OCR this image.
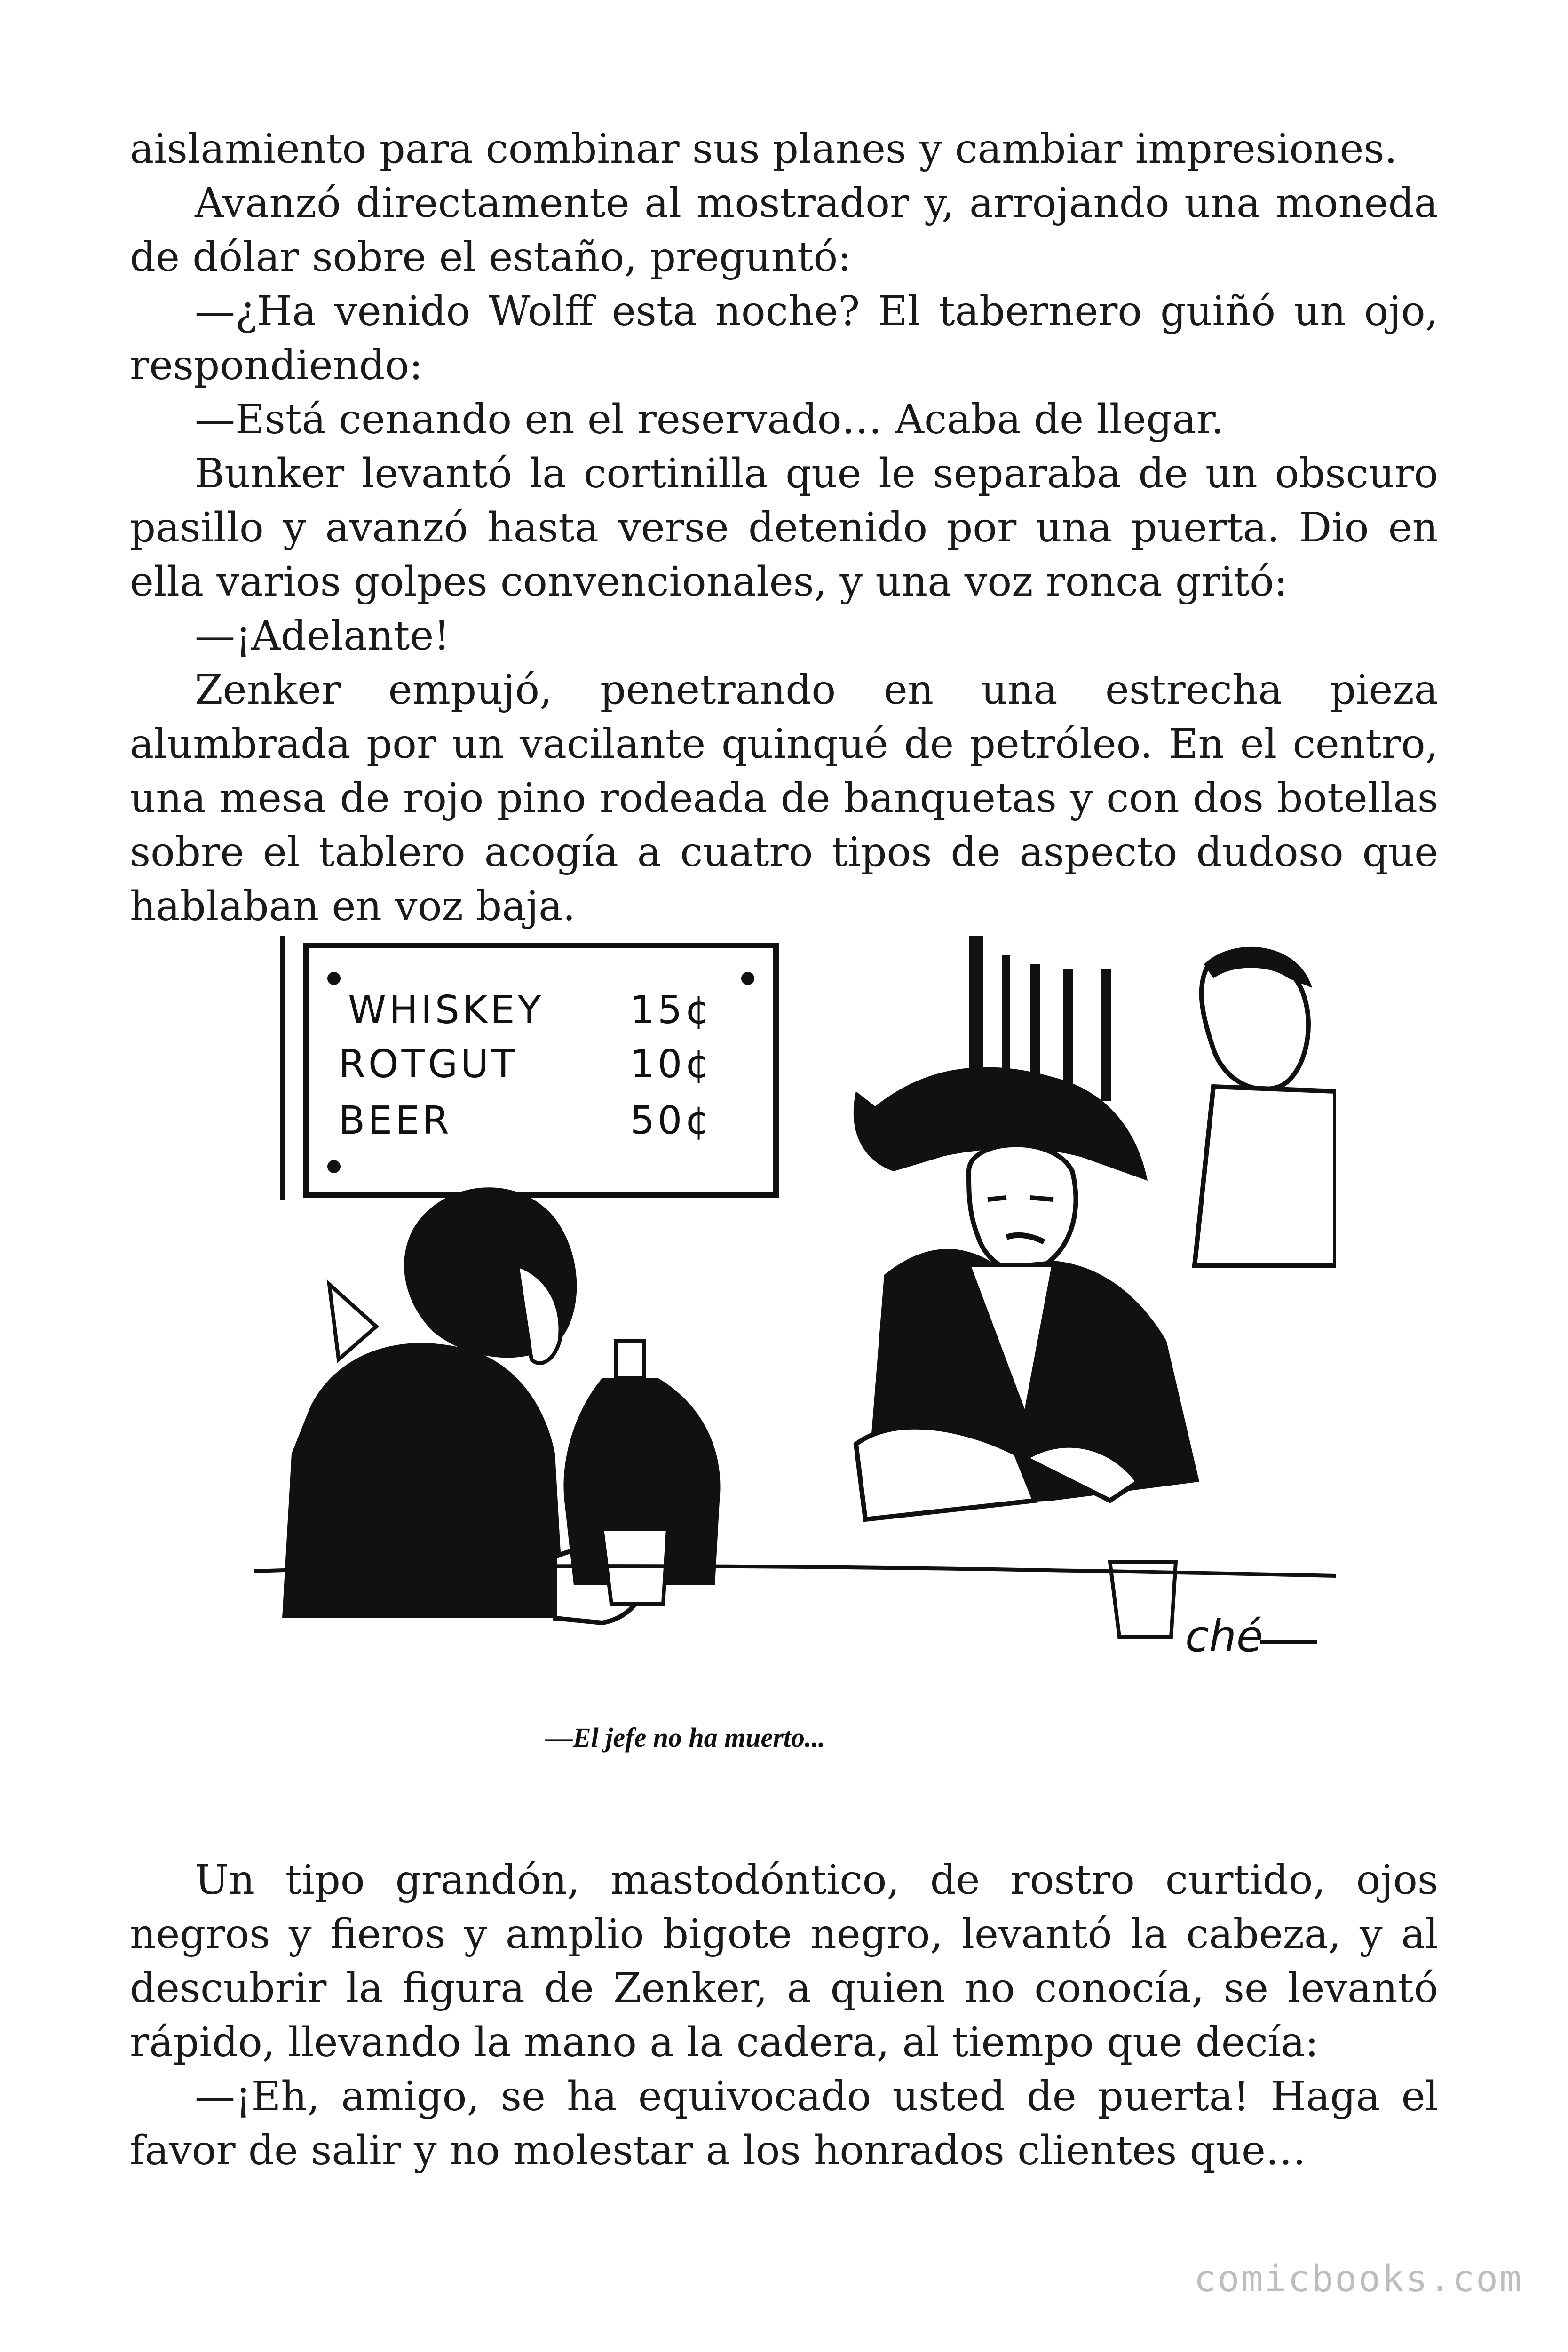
aislamiento para combinar sus planes y cambiar impresiones.

Avanzó directamente al mostrador y, arrojando una moneda de dólar sobre el estaño, preguntó:

—¿Ha venido Wolff esta noche? El tabernero guiñó un ojo, respondiendo:

—Está cenando en el reservado… Acaba de llegar.

Bunker levantó la cortinilla que le separaba de un obscuro pasillo y avanzó hasta verse detenido por una puerta. Dio en ella varios golpes convencionales, y una voz ronca gritó:

—¡Adelante!

Zenker empujó, penetrando en una estrecha pieza alumbrada por un vacilante quinqué de petróleo. En el centro, una mesa de rojo pino rodeada de banquetas y con dos botellas sobre el tablero acogía a cuatro tipos de aspecto dudoso que hablaban en voz baja.

WHISKEY 15¢
ROTGUT	10¢
BEER	50¢
ché
—El jefe no ha muerto...

Un tipo grandón, mastodóntico, de rostro curtido, ojos negros y fieros y amplio bigote negro, levantó la cabeza, y al descubrir la figura de Zenker, a quien no conocía, se levantó rápido, llevando la mano a la cadera, al tiempo que decía:

—¡Eh, amigo, se ha equivocado usted de puerta! Haga el favor de salir y no molestar a los honrados clientes que…

comicbooks.com
